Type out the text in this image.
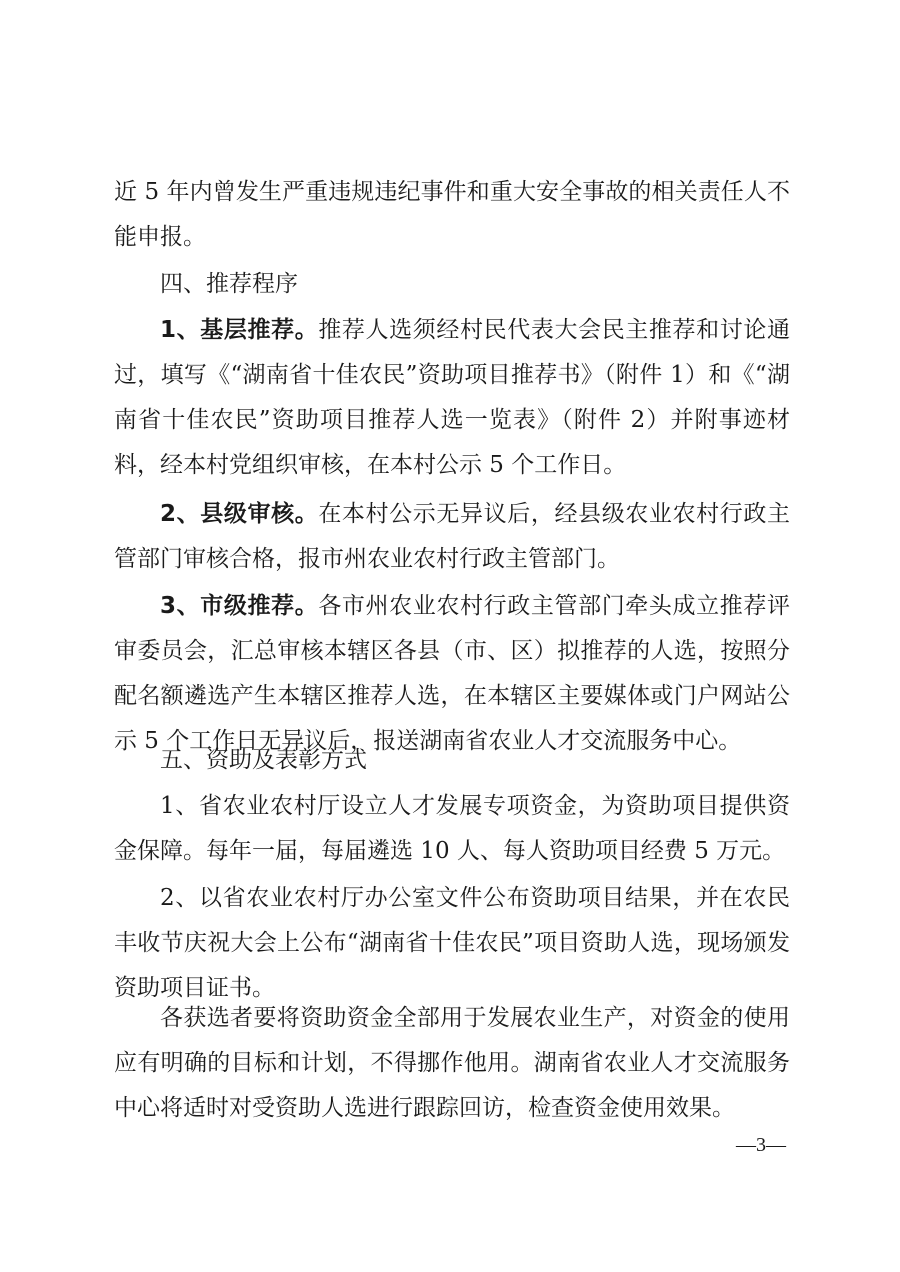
近 5 年内曾发生严重违规违纪事件和重大安全事故的相关责任人不能申报。

四、推荐程序

1、基层推荐。推荐人选须经村民代表大会民主推荐和讨论通过，填写《“湖南省十佳农民”资助项目推荐书》（附件 1）和《“湖南省十佳农民”资助项目推荐人选一览表》（附件 2）并附事迹材料，经本村党组织审核，在本村公示 5 个工作日。

2、县级审核。在本村公示无异议后，经县级农业农村行政主管部门审核合格，报市州农业农村行政主管部门。

3、市级推荐。各市州农业农村行政主管部门牵头成立推荐评审委员会，汇总审核本辖区各县（市、区）拟推荐的人选，按照分配名额遴选产生本辖区推荐人选，在本辖区主要媒体或门户网站公示 5 个工作日无异议后，报送湖南省农业人才交流服务中心。

五、资助及表彰方式

1、省农业农村厅设立人才发展专项资金，为资助项目提供资金保障。每年一届，每届遴选 10 人、每人资助项目经费 5 万元。

2、以省农业农村厅办公室文件公布资助项目结果，并在农民丰收节庆祝大会上公布“湖南省十佳农民”项目资助人选，现场颁发资助项目证书。

各获选者要将资助资金全部用于发展农业生产，对资金的使用应有明确的目标和计划，不得挪作他用。湖南省农业人才交流服务中心将适时对受资助人选进行跟踪回访，检查资金使用效果。

—3—
